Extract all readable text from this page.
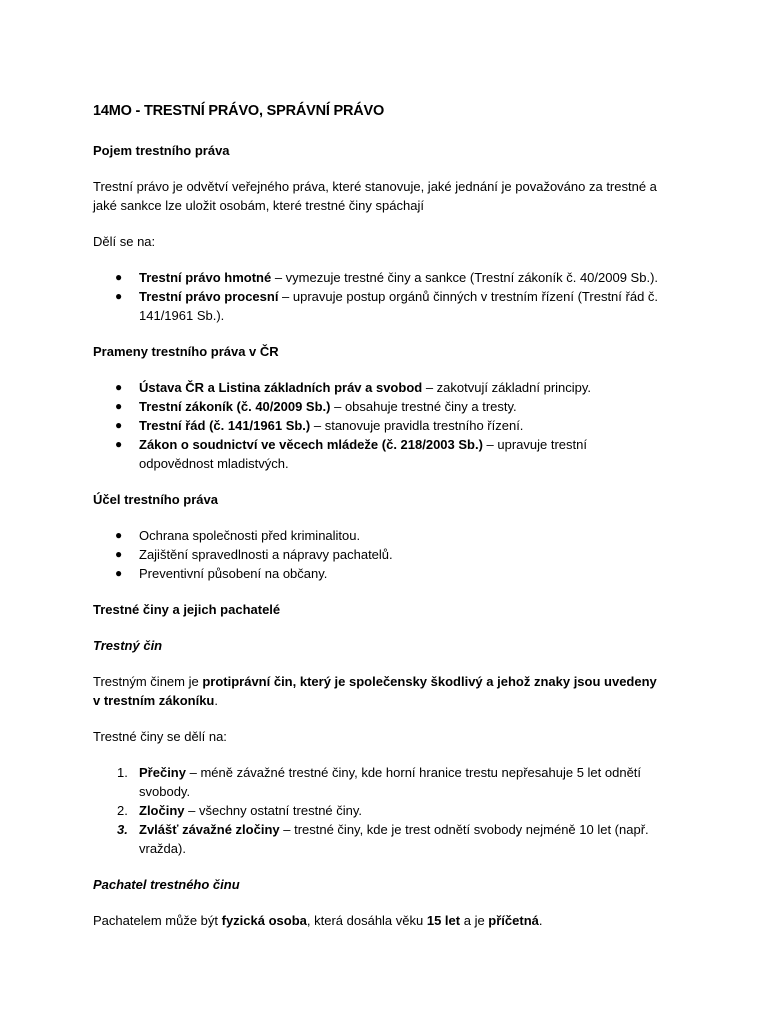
14MO - TRESTNÍ PRÁVO, SPRÁVNÍ PRÁVO
Pojem trestního práva

Trestní právo je odvětví veřejného práva, které stanovuje, jaké jednání je považováno za trestné a jaké sankce lze uložit osobám, které trestné činy spáchají

Dělí se na:

● Trestní právo hmotné – vymezuje trestné činy a sankce (Trestní zákoník č. 40/2009 Sb.).
● Trestní právo procesní – upravuje postup orgánů činných v trestním řízení (Trestní řád č. 141/1961 Sb.).
Prameny trestního práva v ČR
● Ústava ČR a Listina základních práv a svobod – zakotvují základní principy.
● Trestní zákoník (č. 40/2009 Sb.) – obsahuje trestné činy a tresty.
● Trestní řád (č. 141/1961 Sb.) – stanovuje pravidla trestního řízení.
● Zákon o soudnictví ve věcech mládeže (č. 218/2003 Sb.) – upravuje trestní odpovědnost mladistvých.
Účel trestního práva
● Ochrana společnosti před kriminalitou.
● Zajištění spravedlnosti a nápravy pachatelů.
● Preventivní působení na občany.
Trestné činy a jejich pachatelé
Trestný čin

Trestným činem je protiprávní čin, který je společensky škodlivý a jehož znaky jsou uvedeny v trestním zákoníku.

Trestné činy se dělí na:

1. Přečiny – méně závažné trestné činy, kde horní hranice trestu nepřesahuje 5 let odnětí svobody.
2. Zločiny – všechny ostatní trestné činy.
3. Zvlášť závažné zločiny – trestné činy, kde je trest odnětí svobody nejméně 10 let (např. vražda).
Pachatel trestného činu

Pachatelem může být fyzická osoba, která dosáhla věku 15 let a je příčetná.
